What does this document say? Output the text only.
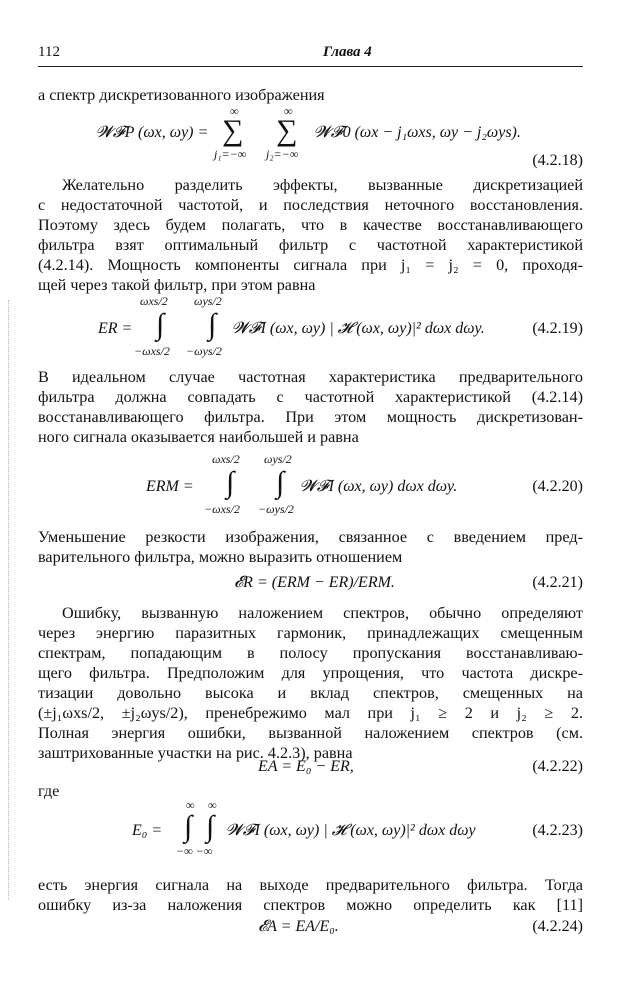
112	Глава 4
а спектр дискретизованного изображения
𝓦𝓕P (ωx, ωy) =
∞
∑
j₁=−∞
∞
∑
j₂=−∞
𝓦𝓕0 (ωx − j₁ωxs, ωy − j₂ωys).
(4.2.18)
Желательно разделить эффекты, вызванные дискретизацией
с недостаточной частотой, и последствия неточного восстановления.
Поэтому здесь будем полагать, что в качестве восстанавливающего
фильтра взят оптимальный фильтр с частотной характеристикой
(4.2.14). Мощность компоненты сигнала при j₁ = j₂ = 0, проходя-
щей через такой фильтр, при этом равна
ER =
ωxs/2
∫
−ωxs/2
ωys/2
∫
−ωys/2
𝓦𝓕I (ωx, ωy) | 𝓗 (ωx, ωy)|² dωx dωy.	(4.2.19)
В идеальном случае частотная характеристика предварительного
фильтра должна совпадать с частотной характеристикой (4.2.14)
восстанавливающего фильтра. При этом мощность дискретизован-
ного сигнала оказывается наибольшей и равна
ERM =
ωxs/2
∫
−ωxs/2
ωys/2
∫
−ωys/2
𝓦𝓕I (ωx, ωy) dωx dωy.	(4.2.20)
Уменьшение резкости изображения, связанное с введением пред-
варительного фильтра, можно выразить отношением
𝓔R = (ERM − ER)/ERM.	(4.2.21)
Ошибку, вызванную наложением спектров, обычно определяют
через энергию паразитных гармоник, принадлежащих смещенным
спектрам, попадающим в полосу пропускания восстанавливаю-
щего фильтра. Предположим для упрощения, что частота дискре-
тизации довольно высока и вклад спектров, смещенных на
(±j₁ωxs/2, ±j₂ωys/2), пренебрежимо мал при j₁ ≥ 2 и j₂ ≥ 2.
Полная энергия ошибки, вызванной наложением спектров (см.
заштрихованные участки на рис. 4.2.3), равна
EA = E₀ − ER,	(4.2.22)
где
E₀ =
∞
∫
∞
∫
−∞ −∞
𝓦𝓕I (ωx, ωy) | 𝓗 (ωx, ωy)|² dωx dωy	(4.2.23)
есть энергия сигнала на выходе предварительного фильтра. Тогда
ошибку из-за наложения спектров можно определить как [11]
𝓔A = EA/E₀.	(4.2.24)
